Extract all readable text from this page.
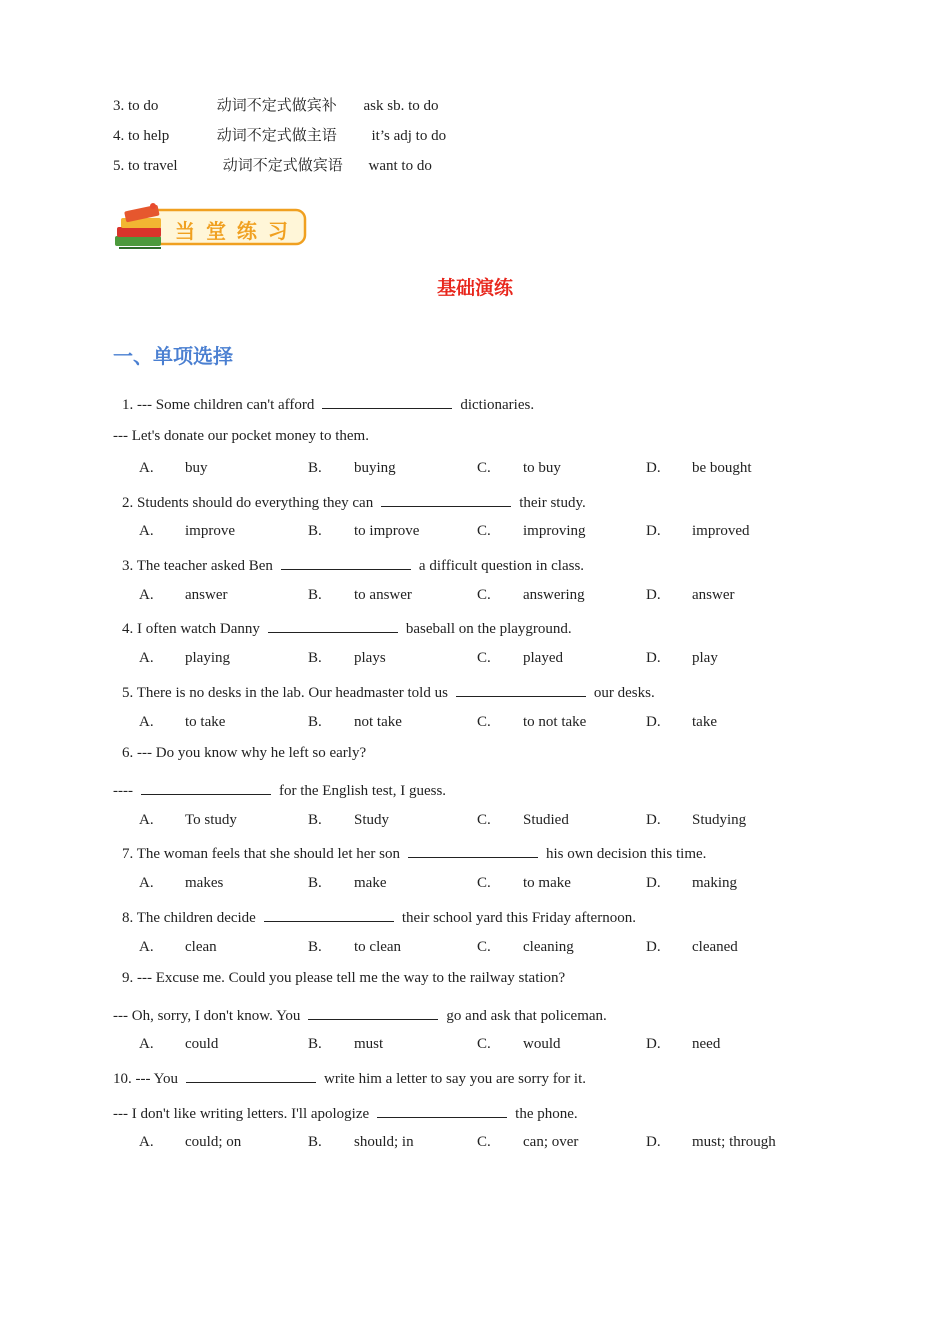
3. to do	动词不定式做宾补 ask sb. to do
4. to help	动词不定式做主语 it’s adj to do
5. to travel	动词不定式做宾语 want to do
当 堂 练 习
基础演练
一、单项选择
1. --- Some children can't afford	dictionaries.
--- Let's donate our pocket money to them.
A. buy	B. buying	C. to buy	D. be bought
2. Students should do everything they can	their study.
A. improve	B. to improve	C. improving	D. improved
3. The teacher asked Ben	a difficult question in class.
A. answer	B. to answer	C. answering	D. answer
4. I often watch Danny	baseball on the playground.
A. playing	B. plays	C. played	D. play
5. There is no desks in the lab. Our headmaster told us	our desks.
A. to take	B. not take	C. to not take	D. take
6. --- Do you know why he left so early?
----	for the English test, I guess.
A. To study	B. Study	C. Studied	D. Studying
7. The woman feels that she should let her son	his own decision this time.
A. makes	B. make	C. to make	D. making
8. The children decide	their school yard this Friday afternoon.
A. clean	B. to clean	C. cleaning	D. cleaned
9. --- Excuse me. Could you please tell me the way to the railway station?
--- Oh, sorry, I don't know. You	go and ask that policeman.
A. could	B. must	C. would	D. need
10. --- You	write him a letter to say you are sorry for it.
--- I don't like writing letters. I'll apologize	the phone.
A. could; on	B. should; in	C. can; over	D. must; through
